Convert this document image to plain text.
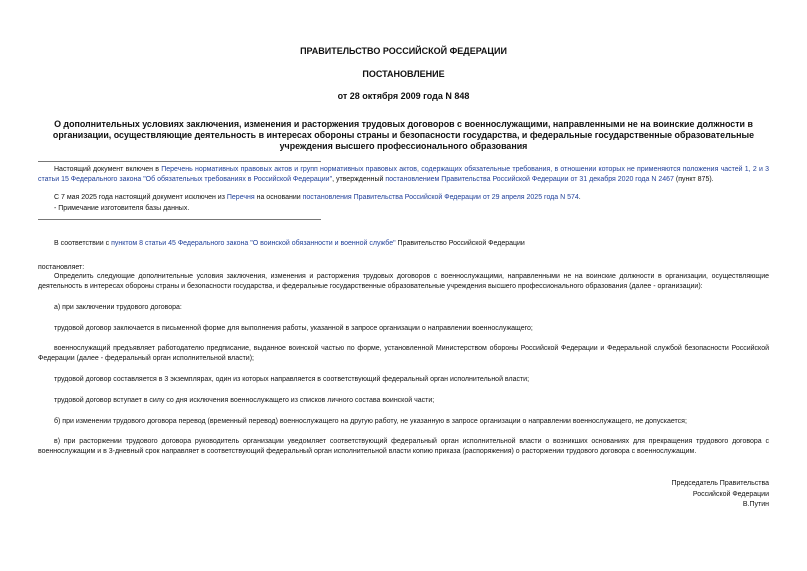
ПРАВИТЕЛЬСТВО РОССИЙСКОЙ ФЕДЕРАЦИИ
ПОСТАНОВЛЕНИЕ
от 28 октября 2009 года N 848
О дополнительных условиях заключения, изменения и расторжения трудовых договоров с военнослужащими, направленными не на воинские должности в организации, осуществляющие деятельность в интересах обороны страны и безопасности государства, и федеральные государственные образовательные учреждения высшего профессионального образования
Настоящий документ включен в Перечень нормативных правовых актов и групп нормативных правовых актов, содержащих обязательные требования, в отношении которых не применяются положения частей 1, 2 и 3 статьи 15 Федерального закона "Об обязательных требованиях в Российской Федерации", утвержденный постановлением Правительства Российской Федерации от 31 декабря 2020 года N 2467 (пункт 875).
С 7 мая 2025 года настоящий документ исключен из Перечня на основании постановления Правительства Российской Федерации от 29 апреля 2025 года N 574.
- Примечание изготовителя базы данных.
В соответствии с пунктом 8 статьи 45 Федерального закона "О воинской обязанности и военной службе" Правительство Российской Федерации
постановляет:
Определить следующие дополнительные условия заключения, изменения и расторжения трудовых договоров с военнослужащими, направленными не на воинские должности в организации, осуществляющие деятельность в интересах обороны страны и безопасности государства, и федеральные государственные образовательные учреждения высшего профессионального образования (далее - организации):
а) при заключении трудового договора:
трудовой договор заключается в письменной форме для выполнения работы, указанной в запросе организации о направлении военнослужащего;
военнослужащий предъявляет работодателю предписание, выданное воинской частью по форме, установленной Министерством обороны Российской Федерации и Федеральной службой безопасности Российской Федерации (далее - федеральный орган исполнительной власти);
трудовой договор составляется в 3 экземплярах, один из которых направляется в соответствующий федеральный орган исполнительной власти;
трудовой договор вступает в силу со дня исключения военнослужащего из списков личного состава воинской части;
б) при изменении трудового договора перевод (временный перевод) военнослужащего на другую работу, не указанную в запросе организации о направлении военнослужащего, не допускается;
в) при расторжении трудового договора руководитель организации уведомляет соответствующий федеральный орган исполнительной власти о возникших основаниях для прекращения трудового договора с военнослужащим и в 3-дневный срок направляет в соответствующий федеральный орган исполнительной власти копию приказа (распоряжения) о расторжении трудового договора с военнослужащим.
Председатель Правительства
Российской Федерации
В.Путин
